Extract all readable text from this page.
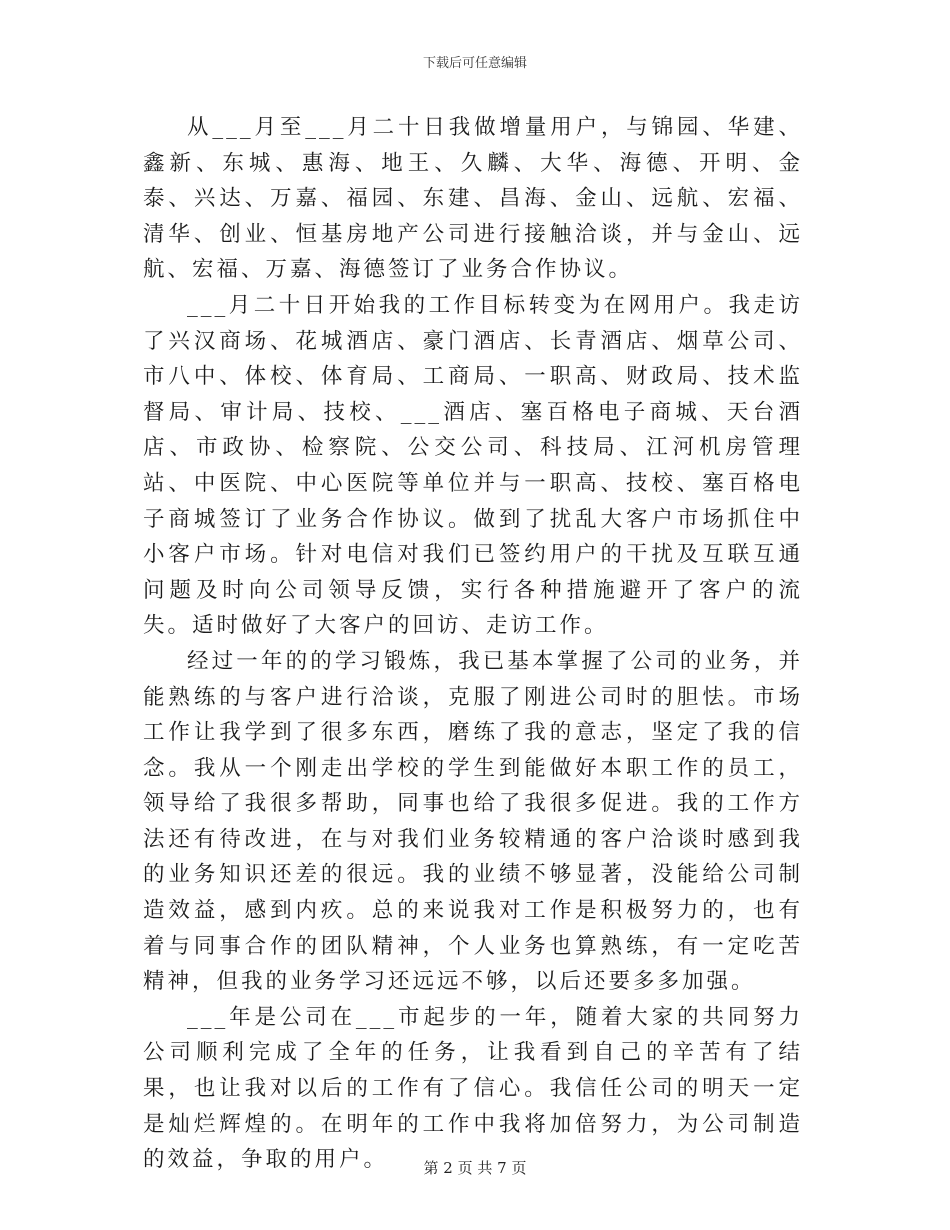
下载后可任意编辑

从___月至___月二十日我做增量用户，与锦园、华建、鑫新、东城、惠海、地王、久麟、大华、海德、开明、金泰、兴达、万嘉、福园、东建、昌海、金山、远航、宏福、清华、创业、恒基房地产公司进行接触洽谈，并与金山、远航、宏福、万嘉、海德签订了业务合作协议。

___月二十日开始我的工作目标转变为在网用户。我走访了兴汉商场、花城酒店、豪门酒店、长青酒店、烟草公司、市八中、体校、体育局、工商局、一职高、财政局、技术监督局、审计局、技校、___酒店、塞百格电子商城、天台酒店、市政协、检察院、公交公司、科技局、江河机房管理站、中医院、中心医院等单位并与一职高、技校、塞百格电子商城签订了业务合作协议。做到了扰乱大客户市场抓住中小客户市场。针对电信对我们已签约用户的干扰及互联互通问题及时向公司领导反馈，实行各种措施避开了客户的流失。适时做好了大客户的回访、走访工作。

经过一年的的学习锻炼，我已基本掌握了公司的业务，并能熟练的与客户进行洽谈，克服了刚进公司时的胆怯。市场工作让我学到了很多东西，磨练了我的意志，坚定了我的信念。我从一个刚走出学校的学生到能做好本职工作的员工，领导给了我很多帮助，同事也给了我很多促进。我的工作方法还有待改进，在与对我们业务较精通的客户洽谈时感到我的业务知识还差的很远。我的业绩不够显著，没能给公司制造效益，感到内疚。总的来说我对工作是积极努力的，也有着与同事合作的团队精神，个人业务也算熟练，有一定吃苦精神，但我的业务学习还远远不够，以后还要多多加强。

___年是公司在___市起步的一年，随着大家的共同努力公司顺利完成了全年的任务，让我看到自己的辛苦有了结果，也让我对以后的工作有了信心。我信任公司的明天一定是灿烂辉煌的。在明年的工作中我将加倍努力，为公司制造的效益，争取的用户。	第 2 页 共 7 页
